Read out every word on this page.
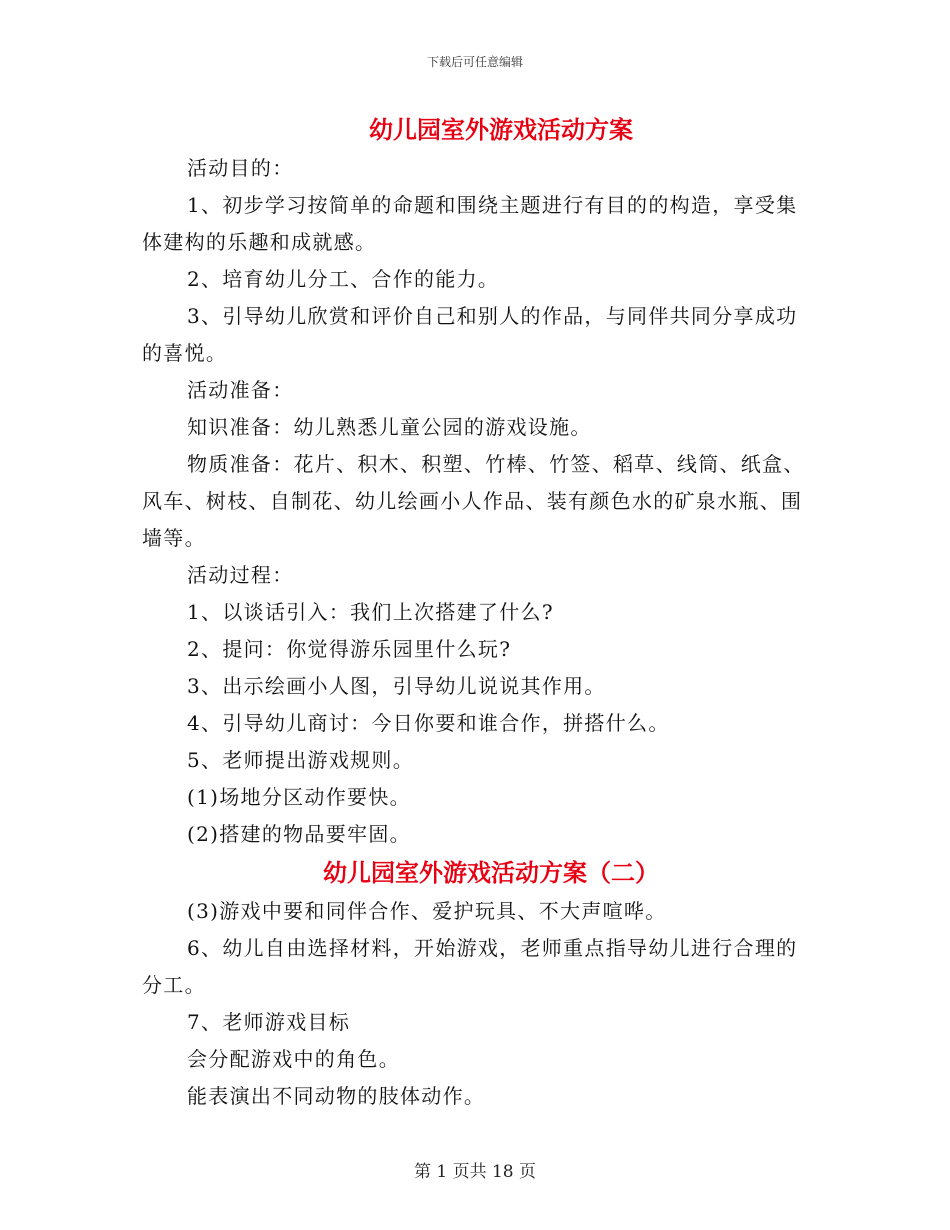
下载后可任意编辑
幼儿园室外游戏活动方案

活动目的：

1、初步学习按简单的命题和围绕主题进行有目的的构造，享受集体建构的乐趣和成就感。

2、培育幼儿分工、合作的能力。

3、引导幼儿欣赏和评价自己和别人的作品，与同伴共同分享成功的喜悦。

活动准备：

知识准备：幼儿熟悉儿童公园的游戏设施。

物质准备：花片、积木、积塑、竹棒、竹签、稻草、线筒、纸盒、风车、树枝、自制花、幼儿绘画小人作品、装有颜色水的矿泉水瓶、围墙等。

活动过程：

1、以谈话引入：我们上次搭建了什么?

2、提问：你觉得游乐园里什么玩?

3、出示绘画小人图，引导幼儿说说其作用。

4、引导幼儿商讨：今日你要和谁合作，拼搭什么。

5、老师提出游戏规则。

(1)场地分区动作要快。

(2)搭建的物品要牢固。

幼儿园室外游戏活动方案（二）

(3)游戏中要和同伴合作、爱护玩具、不大声喧哗。

6、幼儿自由选择材料，开始游戏，老师重点指导幼儿进行合理的分工。

7、老师游戏目标

会分配游戏中的角色。

能表演出不同动物的肢体动作。

第 1 页共 18 页
